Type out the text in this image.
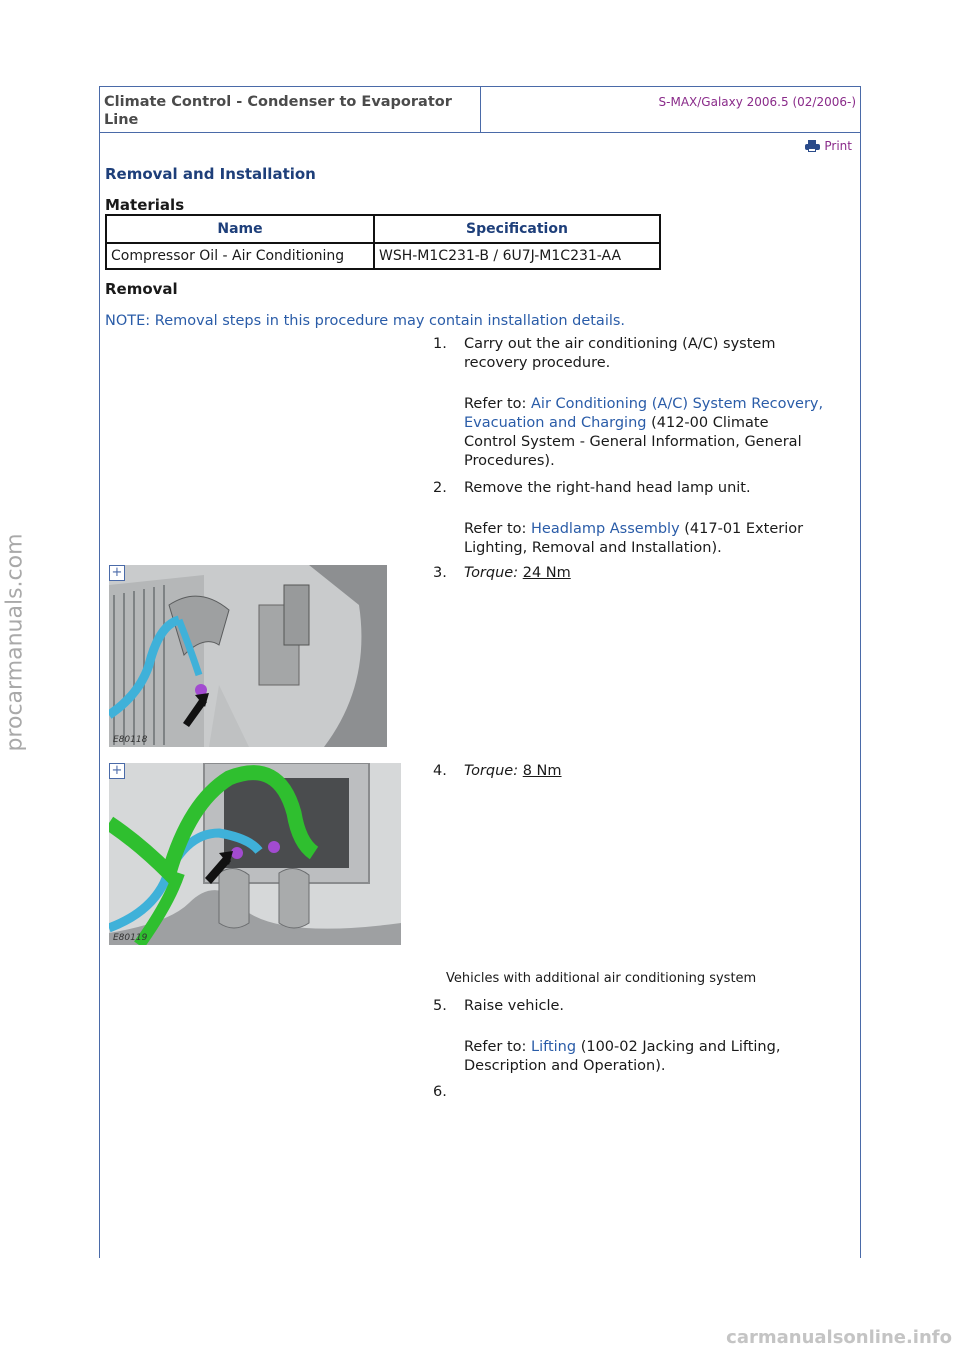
procarmanuals.com
Climate Control - Condenser to Evaporator Line
S-MAX/Galaxy 2006.5 (02/2006-)
Print
Removal and Installation
Materials
Name	Specification
Compressor Oil - Air Conditioning	WSH-M1C231-B / 6U7J-M1C231-AA
Removal
NOTE: Removal steps in this procedure may contain installation details.
1.	Carry out the air conditioning (A/C) system recovery procedure.
Refer to: Air Conditioning (A/C) System Recovery, Evacuation and Charging (412-00 Climate Control System - General Information, General Procedures).
2.	Remove the right-hand head lamp unit.
Refer to: Headlamp Assembly (417-01 Exterior Lighting, Removal and Installation).
+
E80118
3.	Torque: 24 Nm
+
E80119
4.	Torque: 8 Nm
Vehicles with additional air conditioning system
5.	Raise vehicle.
Refer to: Lifting (100-02 Jacking and Lifting, Description and Operation).
6.
carmanualsonline.info
